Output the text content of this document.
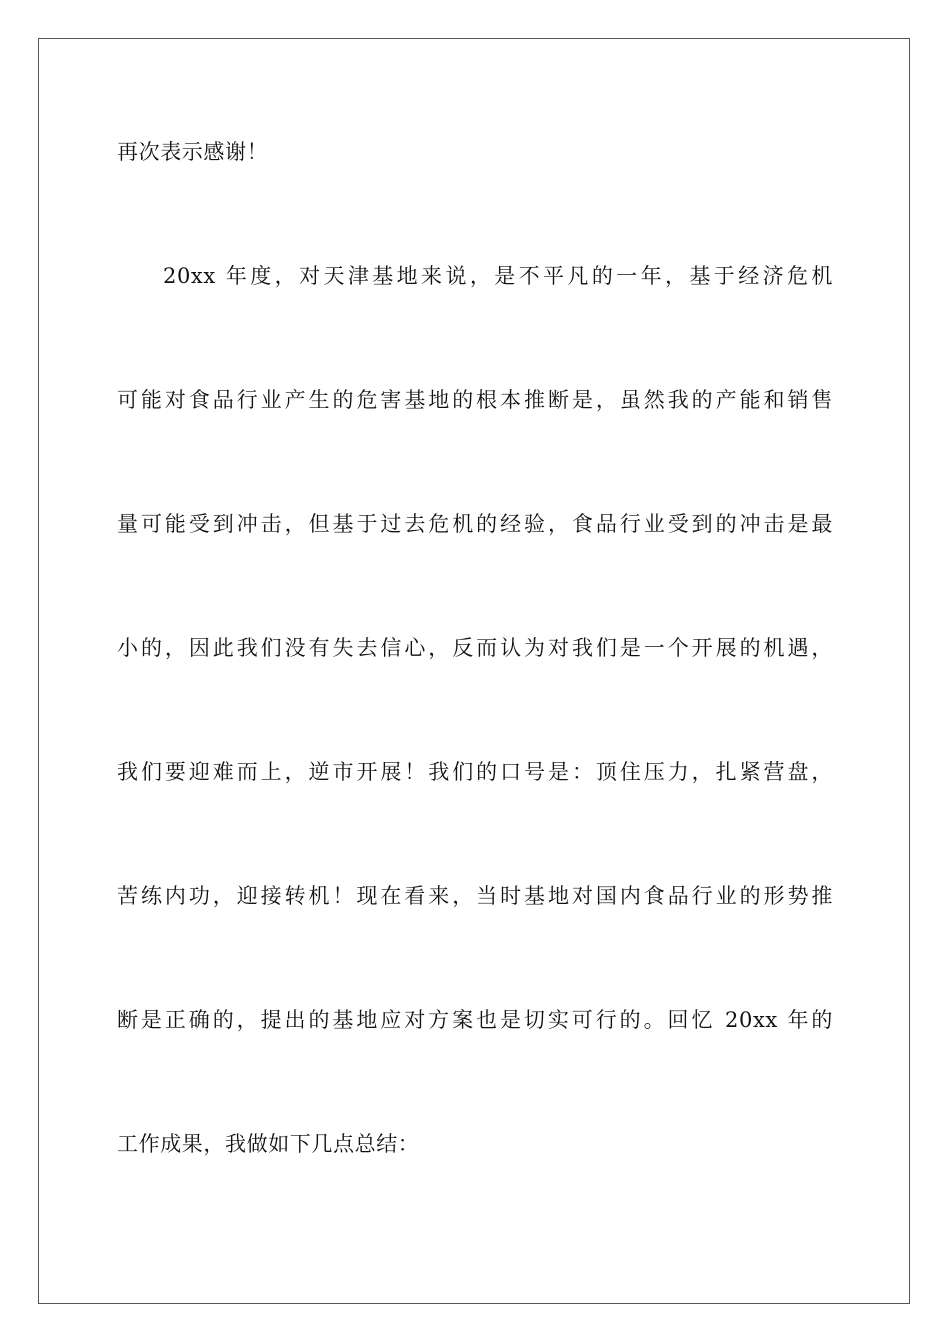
再次表示感谢！
20xx 年度，对天津基地来说，是不平凡的一年，基于经济危机
可能对食品行业产生的危害基地的根本推断是，虽然我的产能和销售
量可能受到冲击，但基于过去危机的经验，食品行业受到的冲击是最
小的，因此我们没有失去信心，反而认为对我们是一个开展的机遇，
我们要迎难而上，逆市开展！我们的口号是：顶住压力，扎紧营盘，
苦练内功，迎接转机！现在看来，当时基地对国内食品行业的形势推
断是正确的，提出的基地应对方案也是切实可行的。回忆 20xx 年的
工作成果，我做如下几点总结：
